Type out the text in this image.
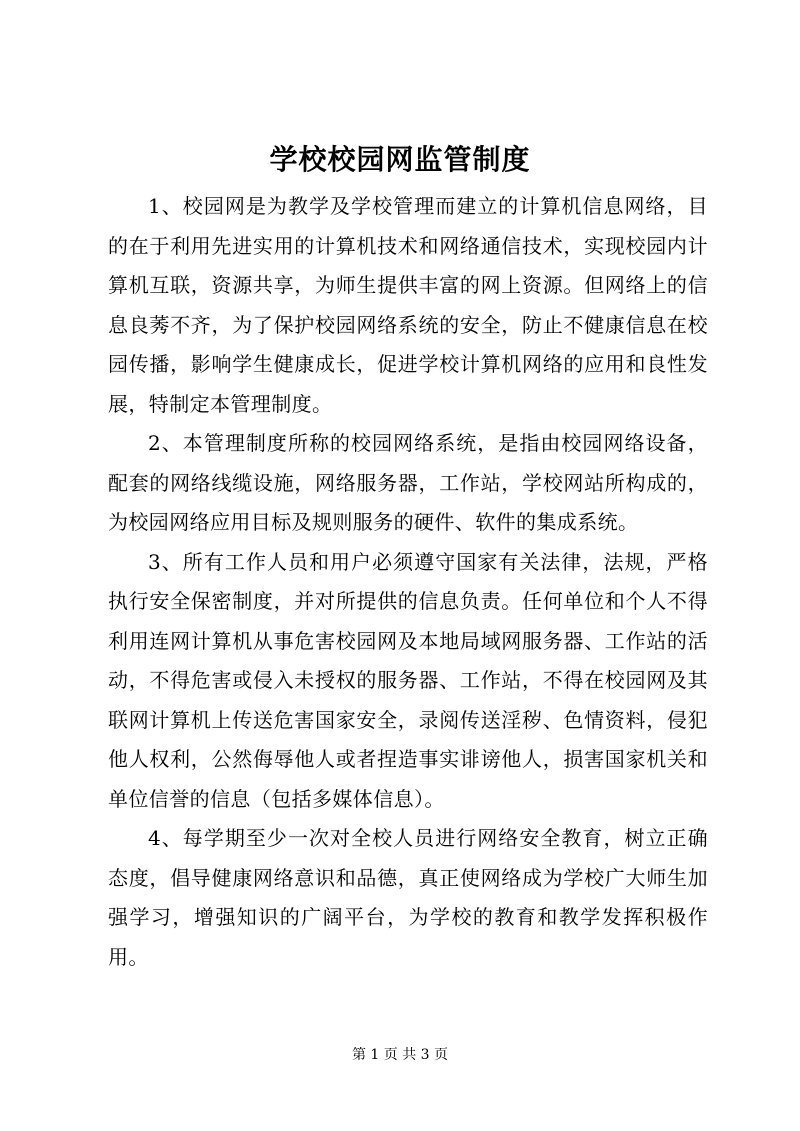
学校校园网监管制度

1、校园网是为教学及学校管理而建立的计算机信息网络，目的在于利用先进实用的计算机技术和网络通信技术，实现校园内计算机互联，资源共享，为师生提供丰富的网上资源。但网络上的信息良莠不齐，为了保护校园网络系统的安全，防止不健康信息在校园传播，影响学生健康成长，促进学校计算机网络的应用和良性发展，特制定本管理制度。

2、本管理制度所称的校园网络系统，是指由校园网络设备，配套的网络线缆设施，网络服务器，工作站，学校网站所构成的，为校园网络应用目标及规则服务的硬件、软件的集成系统。

3、所有工作人员和用户必须遵守国家有关法律，法规，严格执行安全保密制度，并对所提供的信息负责。任何单位和个人不得利用连网计算机从事危害校园网及本地局域网服务器、工作站的活动，不得危害或侵入未授权的服务器、工作站，不得在校园网及其联网计算机上传送危害国家安全，录阅传送淫秽、色情资料，侵犯他人权利，公然侮辱他人或者捏造事实诽谤他人，损害国家机关和单位信誉的信息（包括多媒体信息）。

4、每学期至少一次对全校人员进行网络安全教育，树立正确态度，倡导健康网络意识和品德，真正使网络成为学校广大师生加强学习，增强知识的广阔平台，为学校的教育和教学发挥积极作用。

第 1 页 共 3 页
